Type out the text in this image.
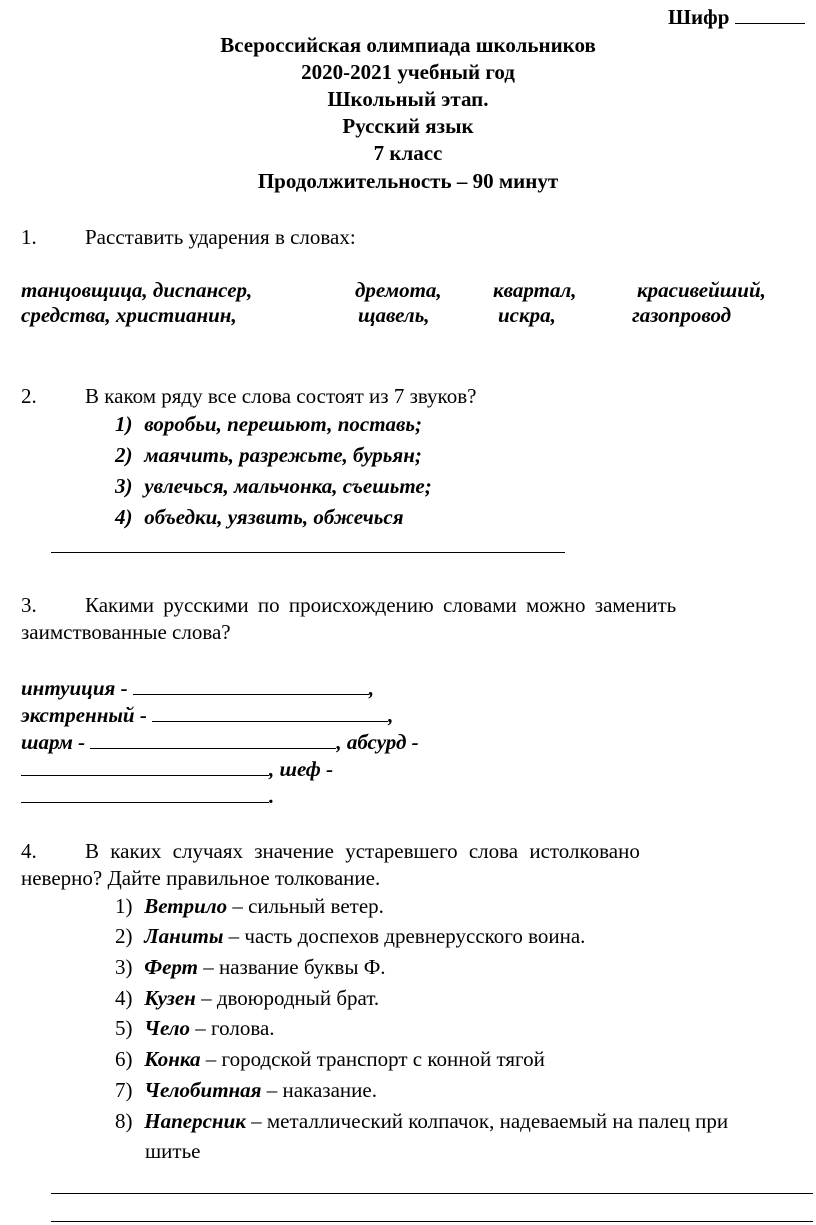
Шифр
Всероссийская олимпиада школьников
2020-2021 учебный год
Школьный этап.
Русский язык
7 класс
Продолжительность – 90 минут
1. Расставить ударения в словах:
танцовщица, диспансер,	дремота, квартал,	красивейший,
средства, христианин,	щавель,	искра,	газопровод
2. В каком ряду все слова состоят из 7 звуков?
1) воробьи, перешьют, поставь;
2) маячить, разрежьте, бурьян;
3) увлечься, мальчонка, съешьте;
4) объедки, уязвить, обжечься
3. Какими русскими по происхождению словами можно заменить
заимствованные слова?
интуиция -	,
экстренный -	,
шарм -	, абсурд -
, шеф -
.
4. В каких случаях значение устаревшего слова истолковано
неверно? Дайте правильное толкование.
1) Ветрило – сильный ветер.
2) Ланиты – часть доспехов древнерусского воина.
3) Ферт – название буквы Ф.
4) Кузен – двоюродный брат.
5) Чело – голова.
6) Конка – городской транспорт с конной тягой
7) Челобитная – наказание.
8) Наперсник – металлический колпачок, надеваемый на палец при
шитье
